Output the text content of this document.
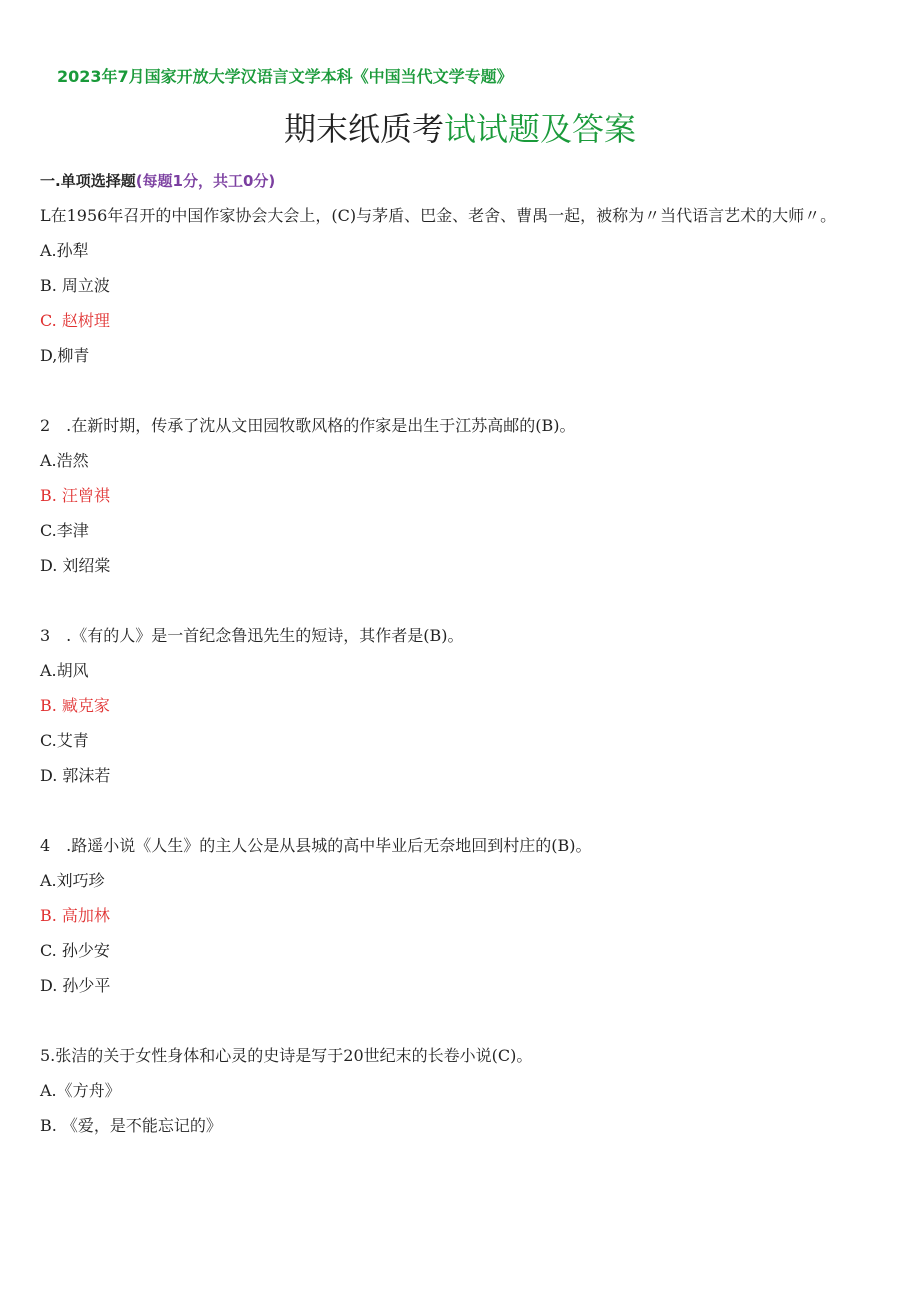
2023年7月国家开放大学汉语言文学本科《中国当代文学专题》
期末纸质考试试题及答案
一.单项选择题(每题1分，共工0分)
L在1956年召开的中国作家协会大会上，(C)与茅盾、巴金、老舍、曹禺一起，被称为〃当代语言艺术的大师〃。
A.孙犁
B. 周立波
C. 赵树理
D,柳青
2　.在新时期，传承了沈从文田园牧歌风格的作家是出生于江苏高邮的(B)。
A.浩然
B. 汪曾祺
C.李津
D. 刘绍棠
3　.《有的人》是一首纪念鲁迅先生的短诗，其作者是(B)。
A.胡风
B. 臧克家
C.艾青
D. 郭沫若
4　.路遥小说《人生》的主人公是从县城的高中毕业后无奈地回到村庄的(B)。
A.刘巧珍
B. 高加林
C. 孙少安
D. 孙少平
5.张洁的关于女性身体和心灵的史诗是写于20世纪末的长卷小说(C)。
A.《方舟》
B. 《爱，是不能忘记的》
